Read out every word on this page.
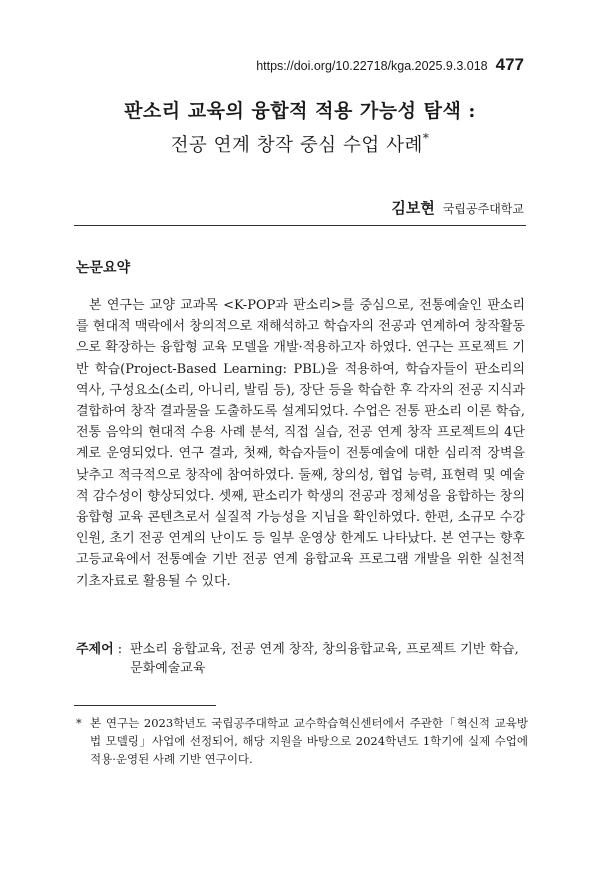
https://doi.org/10.22718/kga.2025.9.3.018 477

판소리 교육의 융합적 적용 가능성 탐색 :

전공 연계 창작 중심 수업 사례*

김보현 국립공주대학교
논문요약

본 연구는 교양 교과목 <K-POP과 판소리>를 중심으로, 전통예술인 판소리를 현대적 맥락에서 창의적으로 재해석하고 학습자의 전공과 연계하여 창작활동으로 확장하는 융합형 교육 모델을 개발·적용하고자 하였다. 연구는 프로젝트 기반 학습(Project-Based Learning: PBL)을 적용하여, 학습자들이 판소리의 역사, 구성요소(소리, 아니리, 발림 등), 장단 등을 학습한 후 각자의 전공 지식과 결합하여 창작 결과물을 도출하도록 설계되었다. 수업은 전통 판소리 이론 학습, 전통 음악의 현대적 수용 사례 분석, 직접 실습, 전공 연계 창작 프로젝트의 4단계로 운영되었다. 연구 결과, 첫째, 학습자들이 전통예술에 대한 심리적 장벽을 낮추고 적극적으로 창작에 참여하였다. 둘째, 창의성, 협업 능력, 표현력 및 예술적 감수성이 향상되었다. 셋째, 판소리가 학생의 전공과 정체성을 융합하는 창의 융합형 교육 콘텐츠로서 실질적 가능성을 지님을 확인하였다. 한편, 소규모 수강인원, 초기 전공 연계의 난이도 등 일부 운영상 한계도 나타났다. 본 연구는 향후 고등교육에서 전통예술 기반 전공 연계 융합교육 프로그램 개발을 위한 실천적 기초자료로 활용될 수 있다.

주제어 : 판소리 융합교육, 전공 연계 창작, 창의융합교육, 프로젝트 기반 학습, 문화예술교육
* 본 연구는 2023학년도 국립공주대학교 교수학습혁신센터에서 주관한「혁신적 교육방법 모델링」사업에 선정되어, 해당 지원을 바탕으로 2024학년도 1학기에 실제 수업에 적용·운영된 사례 기반 연구이다.
